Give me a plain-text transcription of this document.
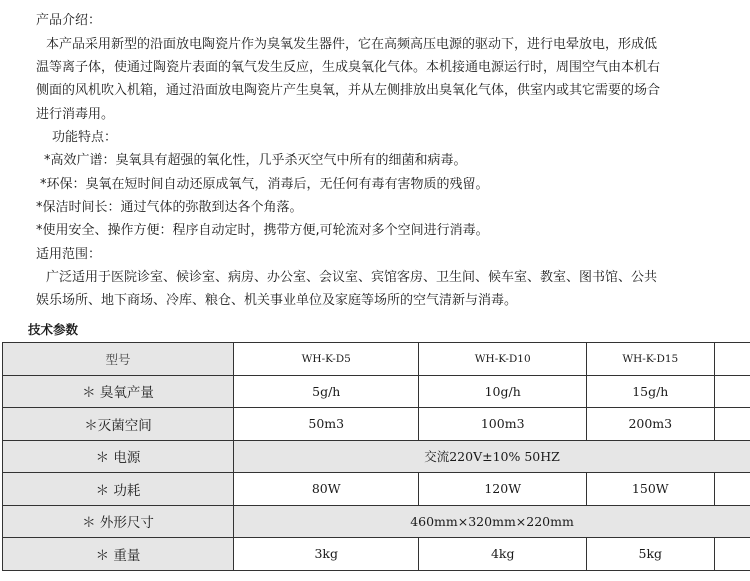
产品介绍：
本产品采用新型的沿面放电陶瓷片作为臭氧发生器件，它在高频高压电源的驱动下，进行电晕放电，形成低
温等离子体，使通过陶瓷片表面的氧气发生反应，生成臭氧化气体。本机接通电源运行时，周围空气由本机右
侧面的风机吹入机箱，通过沿面放电陶瓷片产生臭氧，并从左侧排放出臭氧化气体，供室内或其它需要的场合
进行消毒用。
功能特点：
*高效广谱：臭氧具有超强的氧化性，几乎杀灭空气中所有的细菌和病毒。
*环保：臭氧在短时间自动还原成氧气，消毒后，无任何有毒有害物质的残留。
*保洁时间长：通过气体的弥散到达各个角落。
*使用安全、操作方便：程序自动定时，携带方便,可轮流对多个空间进行消毒。
适用范围：
广泛适用于医院诊室、候诊室、病房、办公室、会议室、宾馆客房、卫生间、候车室、教室、图书馆、公共
娱乐场所、地下商场、冷库、粮仓、机关事业单位及家庭等场所的空气清新与消毒。
技术参数
型号	WH-K-D5	WH-K-D10	WH-K-D15	
＊ 臭氧产量	5g/h	10g/h	15g/h	
＊灭菌空间	50m3	100m3	200m3	
＊ 电源	交流220V±10% 50HZ			
＊ 功耗	80W	120W	150W	
＊ 外形尺寸	460mm×320mm×220mm			
＊ 重量	3kg	4kg	5kg	
